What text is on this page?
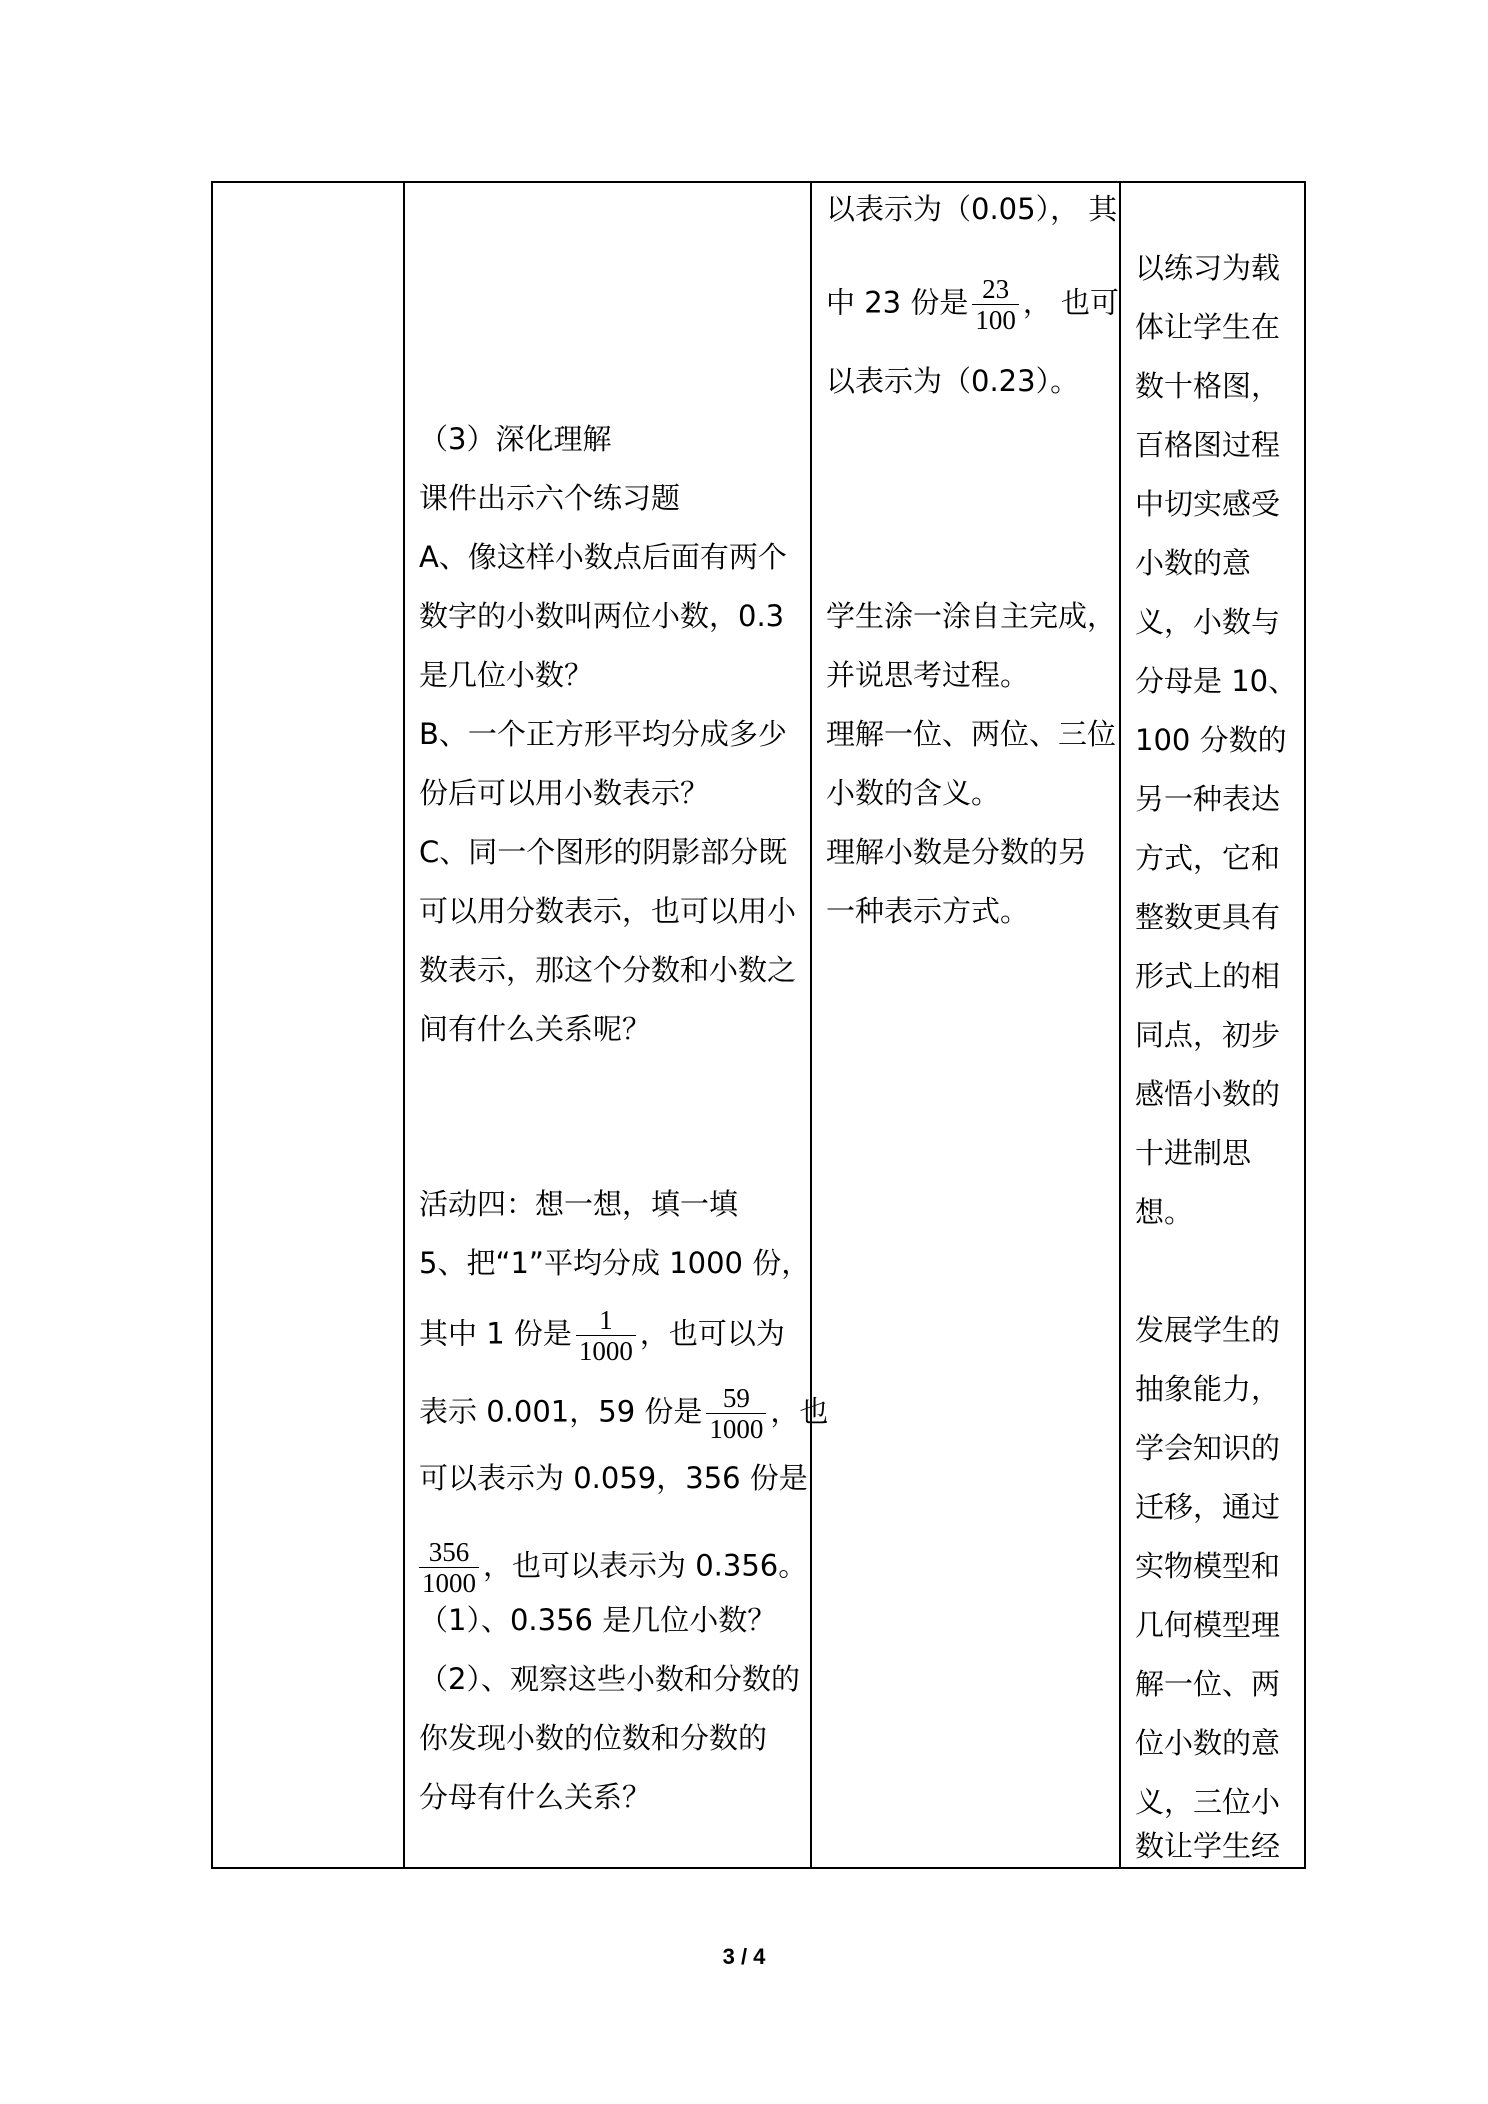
（3）深化理解
课件出示六个练习题
A、像这样小数点后面有两个
数字的小数叫两位小数，0.3
是几位小数？
B、一个正方形平均分成多少
份后可以用小数表示？
C、同一个图形的阴影部分既
可以用分数表示，也可以用小
数表示，那这个分数和小数之
间有什么关系呢？
活动四：想一想，填一填
5、把“1”平均分成 1000 份，
其中 1 份是 $\frac{1}{1000}$ ，也可以为
表示 0.001，59 份是 $\frac{59}{1000}$ ，也
可以表示为 0.059，356 份是
$\frac{356}{1000}$ ，也可以表示为 0.356。
（1）、0.356 是几位小数？
（2）、观察这些小数和分数的
你发现小数的位数和分数的
分母有什么关系？
以表示为（0.05）， 其
中 23 份是 $\frac{23}{100}$ ， 也可
以表示为（0.23）。
学生涂一涂自主完成，
并说思考过程。
理解一位、两位、三位
小数的含义。
理解小数是分数的另
一种表示方式。
以练习为载
体让学生在
数十格图，
百格图过程
中切实感受
小数的意
义，小数与
分母是 10、
100 分数的
另一种表达
方式，它和
整数更具有
形式上的相
同点，初步
感悟小数的
十进制思
想。
发展学生的
抽象能力，
学会知识的
迁移，通过
实物模型和
几何模型理
解一位、两
位小数的意
义，三位小
数让学生经
3 / 4
